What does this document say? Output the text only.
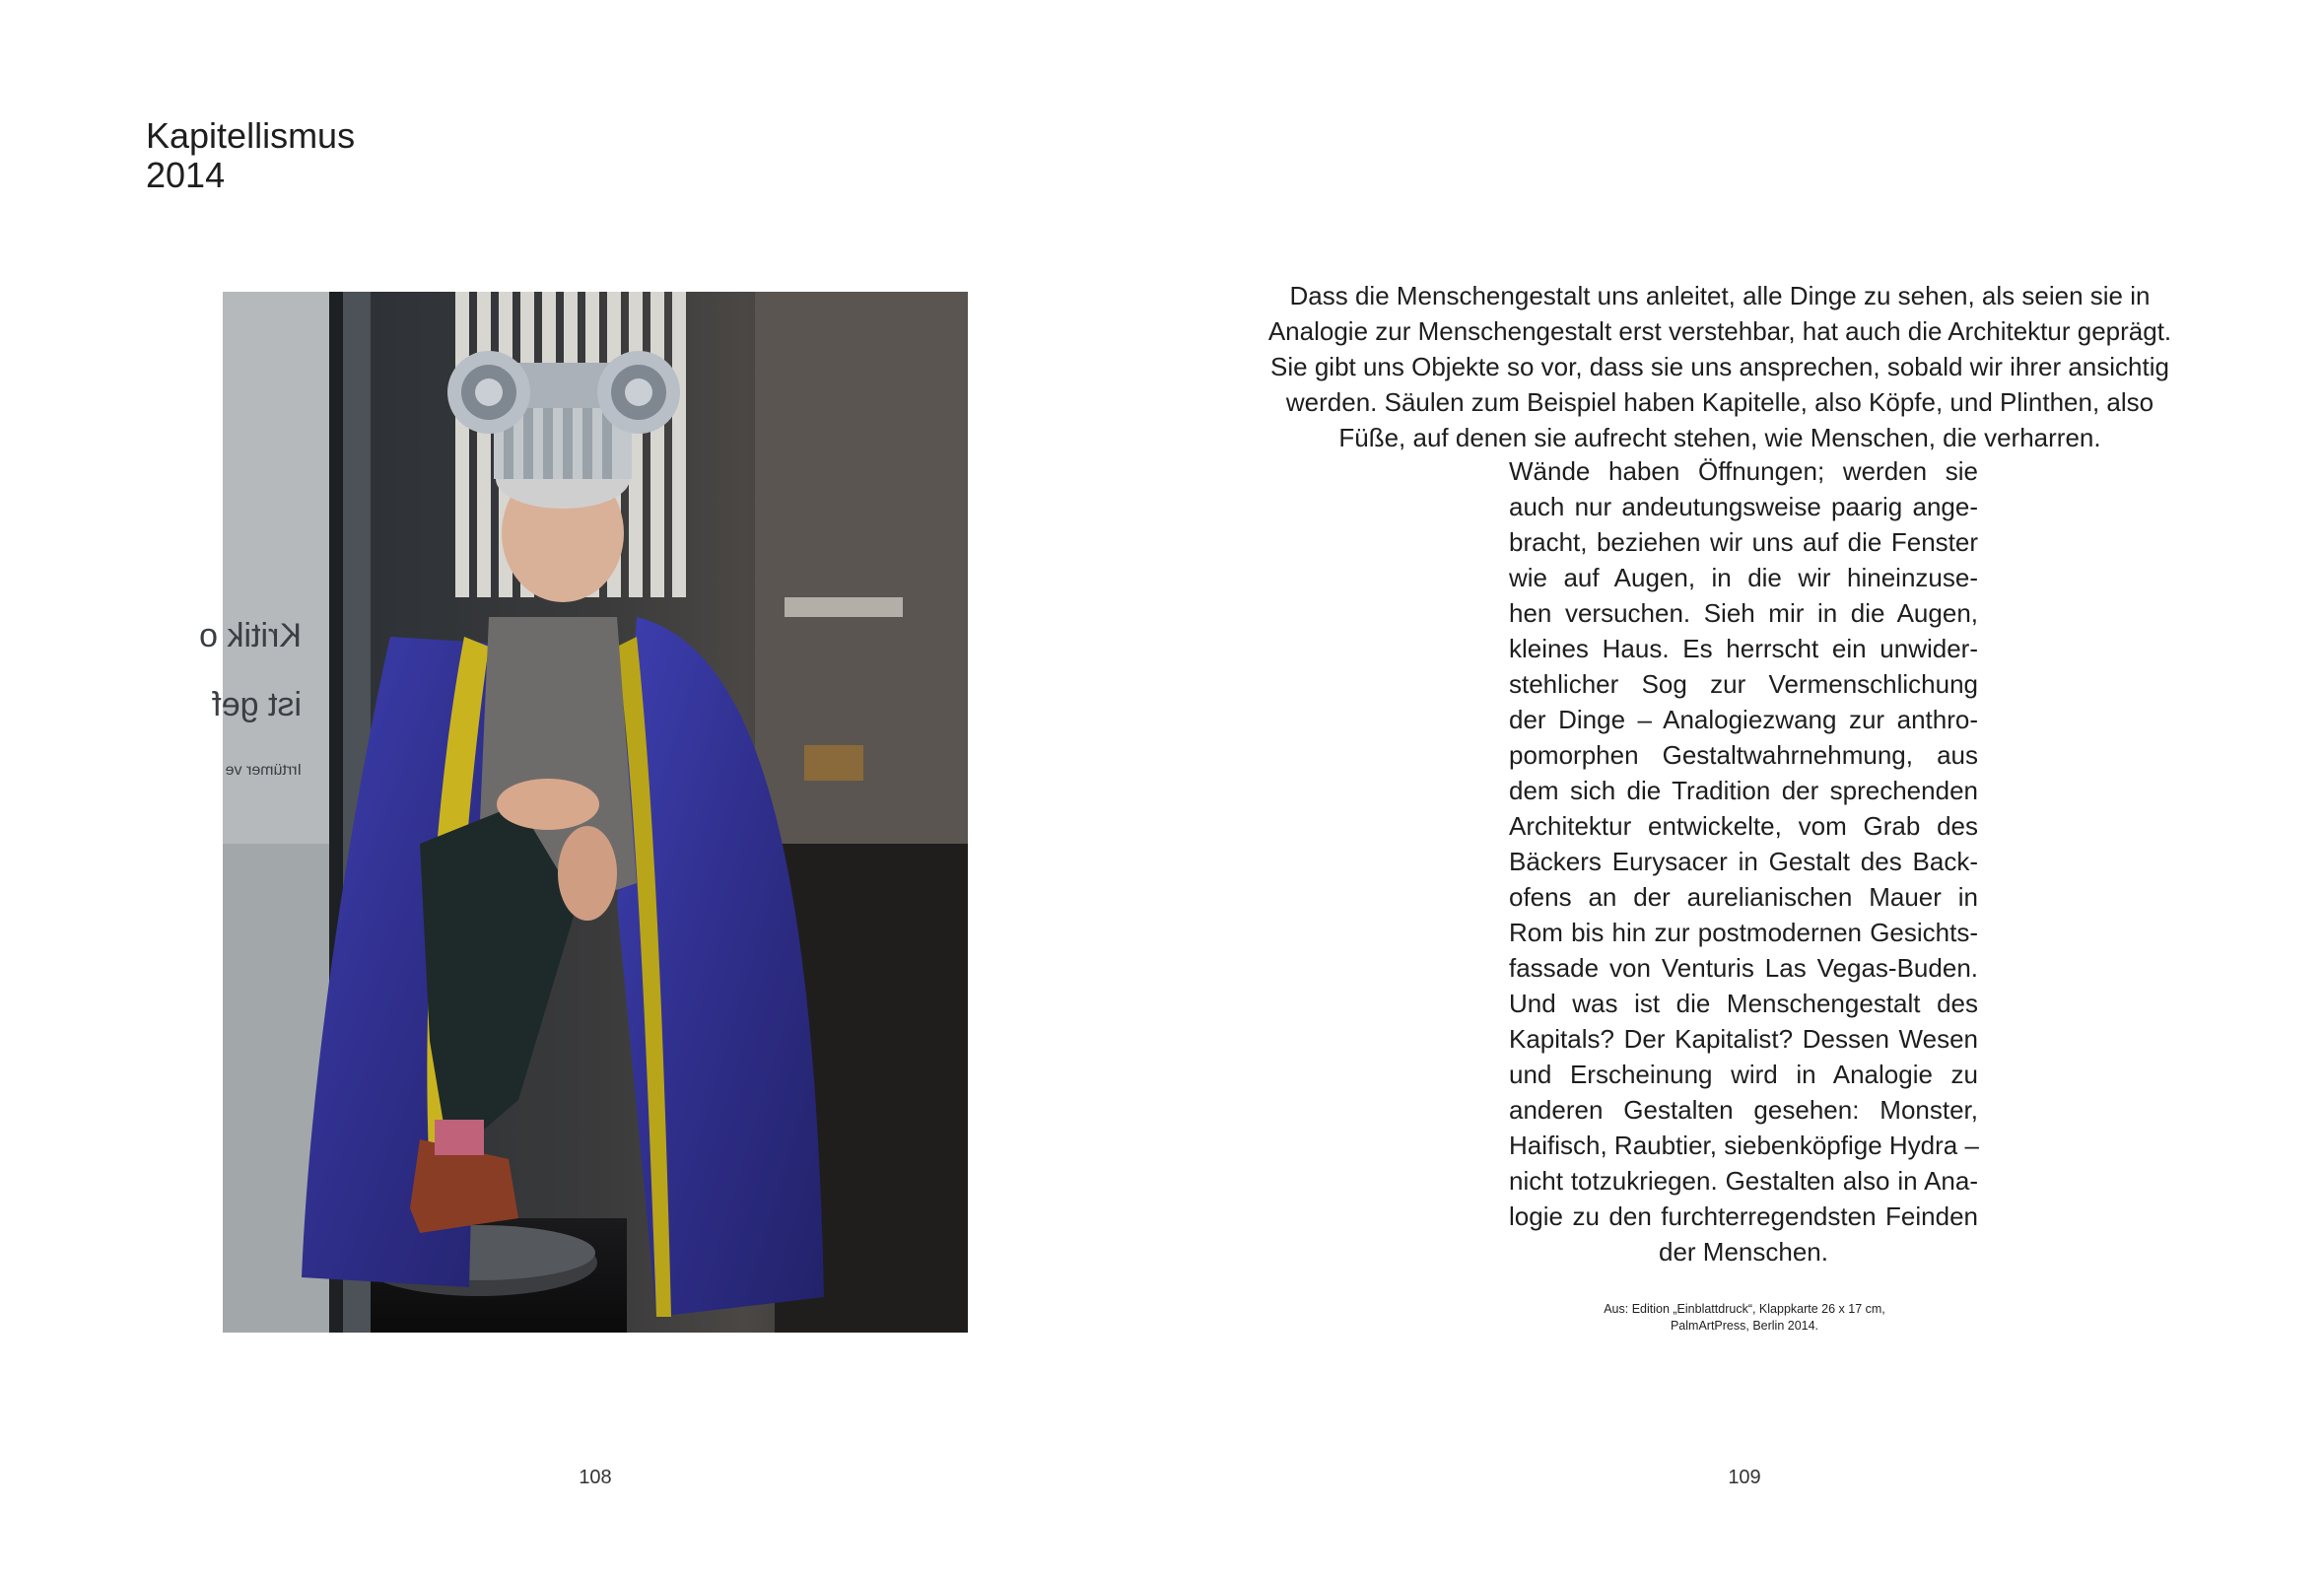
Kapitellismus
2014
Kritik o
ist gef
Irrtümer ve
108
Dass die Menschengestalt uns anleitet, alle Dinge zu sehen, als seien sie in
Analogie zur Menschengestalt erst verstehbar, hat auch die Architektur geprägt.
Sie gibt uns Objekte so vor, dass sie uns ansprechen, sobald wir ihrer ansichtig
werden. Säulen zum Beispiel haben Kapitelle, also Köpfe, und Plinthen, also
Füße, auf denen sie aufrecht stehen, wie Menschen, die verharren.
Wände haben Öffnungen; werden sie
auch nur andeutungsweise paarig ange-
bracht, beziehen wir uns auf die Fenster
wie auf Augen, in die wir hineinzuse-
hen versuchen. Sieh mir in die Augen,
kleines Haus. Es herrscht ein unwider-
stehlicher Sog zur Vermenschlichung
der Dinge – Analogiezwang zur anthro-
pomorphen Gestaltwahrnehmung, aus
dem sich die Tradition der sprechenden
Architektur entwickelte, vom Grab des
Bäckers Eurysacer in Gestalt des Back-
ofens an der aurelianischen Mauer in
Rom bis hin zur postmodernen Gesichts-
fassade von Venturis Las Vegas-Buden.
Und was ist die Menschengestalt des
Kapitals? Der Kapitalist? Dessen Wesen
und Erscheinung wird in Analogie zu
anderen Gestalten gesehen: Monster,
Haifisch, Raubtier, siebenköpfige Hydra –
nicht totzukriegen. Gestalten also in Ana-
logie zu den furchterregendsten Feinden
der Menschen.
Aus: Edition „Einblattdruck“, Klappkarte 26 x 17 cm,
PalmArtPress, Berlin 2014.
109
